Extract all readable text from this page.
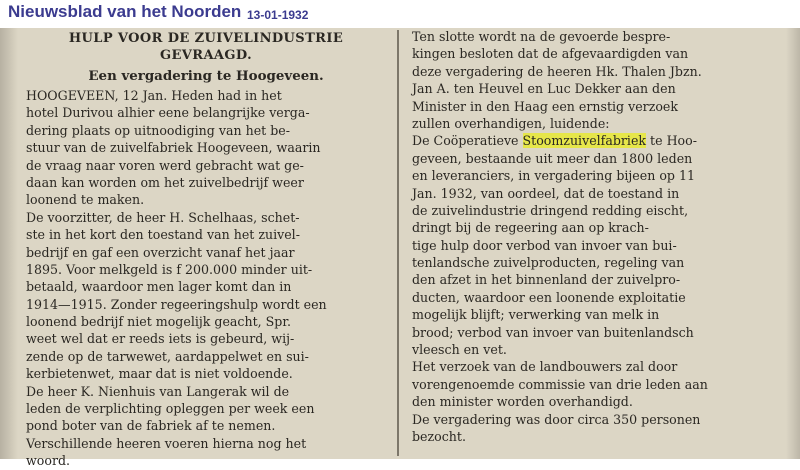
Nieuwsblad van het Noorden 13-01-1932
HULP VOOR DE ZUIVELINDUSTRIE
GEVRAAGD.
Een vergadering te Hoogeveen.
HOOGEVEEN, 12 Jan. Heden had in het
hotel Durivou alhier eene belangrijke verga-
dering plaats op uitnoodiging van het be-
stuur van de zuivelfabriek Hoogeveen, waarin
de vraag naar voren werd gebracht wat ge-
daan kan worden om het zuivelbedrijf weer
loonend te maken.
De voorzitter, de heer H. Schelhaas, schet-
ste in het kort den toestand van het zuivel-
bedrijf en gaf een overzicht vanaf het jaar
1895. Voor melkgeld is f 200.000 minder uit-
betaald, waardoor men lager komt dan in
1914—1915. Zonder regeeringshulp wordt een
loonend bedrijf niet mogelijk geacht, Spr.
weet wel dat er reeds iets is gebeurd, wij-
zende op de tarwewet, aardappelwet en sui-
kerbietenwet, maar dat is niet voldoende.
De heer K. Nienhuis van Langerak wil de
leden de verplichting opleggen per week een
pond boter van de fabriek af te nemen.
Verschillende heeren voeren hierna nog het
woord.
Ten slotte wordt na de gevoerde bespre-
kingen besloten dat de afgevaardigden van
deze vergadering de heeren Hk. Thalen Jbzn.
Jan A. ten Heuvel en Luc Dekker aan den
Minister in den Haag een ernstig verzoek
zullen overhandigen, luidende:
De Coöperatieve Stoomzuivelfabriek te Hoo-
geveen, bestaande uit meer dan 1800 leden
en leveranciers, in vergadering bijeen op 11
Jan. 1932, van oordeel, dat de toestand in
de zuivelindustrie dringend redding eischt,
dringt bij de regeering aan op krach-
tige hulp door verbod van invoer van bui-
tenlandsche zuivelproducten, regeling van
den afzet in het binnenland der zuivelpro-
ducten, waardoor een loonende exploitatie
mogelijk blijft; verwerking van melk in
brood; verbod van invoer van buitenlandsch
vleesch en vet.
Het verzoek van de landbouwers zal door
vorengenoemde commissie van drie leden aan
den minister worden overhandigd.
De vergadering was door circa 350 personen
bezocht.
